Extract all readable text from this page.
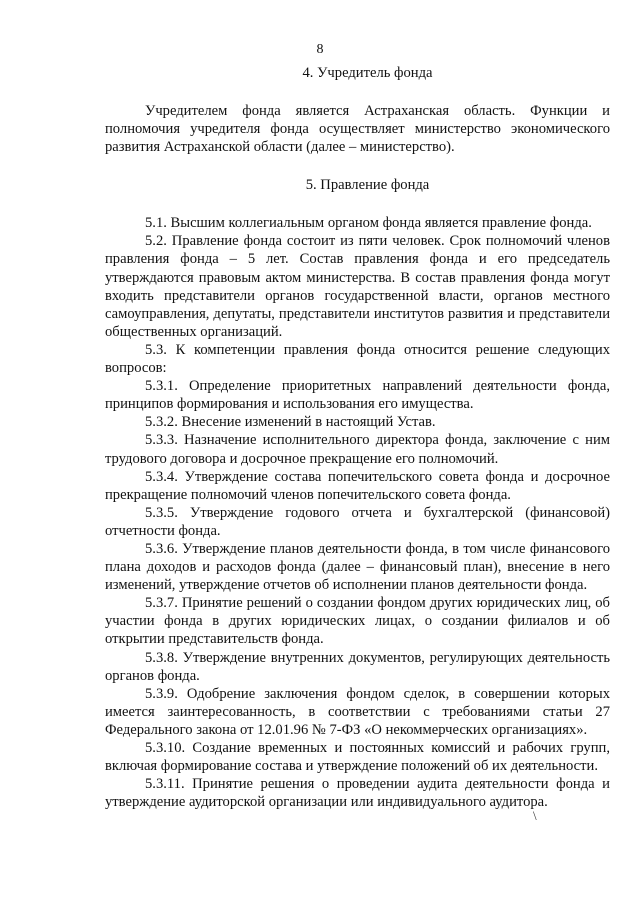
8
4. Учредитель фонда

Учредителем фонда является Астраханская область. Функции и полномочия учредителя фонда осуществляет министерство экономического развития Астраханской области (далее – министерство).

5. Правление фонда

5.1. Высшим коллегиальным органом фонда является правление фонда.

5.2. Правление фонда состоит из пяти человек. Срок полномочий членов правления фонда – 5 лет. Состав правления фонда и его председатель утверждаются правовым актом министерства. В состав правления фонда могут входить представители органов государственной власти, органов местного самоуправления, депутаты, представители институтов развития и представители общественных организаций.

5.3. К компетенции правления фонда относится решение следующих вопросов:

5.3.1. Определение приоритетных направлений деятельности фонда, принципов формирования и использования его имущества.

5.3.2. Внесение изменений в настоящий Устав.

5.3.3. Назначение исполнительного директора фонда, заключение с ним трудового договора и досрочное прекращение его полномочий.

5.3.4. Утверждение состава попечительского совета фонда и досрочное прекращение полномочий членов попечительского совета фонда.

5.3.5. Утверждение годового отчета и бухгалтерской (финансовой) отчетности фонда.

5.3.6. Утверждение планов деятельности фонда, в том числе финансового плана доходов и расходов фонда (далее – финансовый план), внесение в него изменений, утверждение отчетов об исполнении планов деятельности фонда.

5.3.7. Принятие решений о создании фондом других юридических лиц, об участии фонда в других юридических лицах, о создании филиалов и об открытии представительств фонда.

5.3.8. Утверждение внутренних документов, регулирующих деятельность органов фонда.

5.3.9. Одобрение заключения фондом сделок, в совершении которых имеется заинтересованность, в соответствии с требованиями статьи 27 Федерального закона от 12.01.96 № 7-ФЗ «О некоммерческих организациях».

5.3.10. Создание временных и постоянных комиссий и рабочих групп, включая формирование состава и утверждение положений об их деятельности.

5.3.11. Принятие решения о проведении аудита деятельности фонда и утверждение аудиторской организации или индивидуального аудитора.

\
